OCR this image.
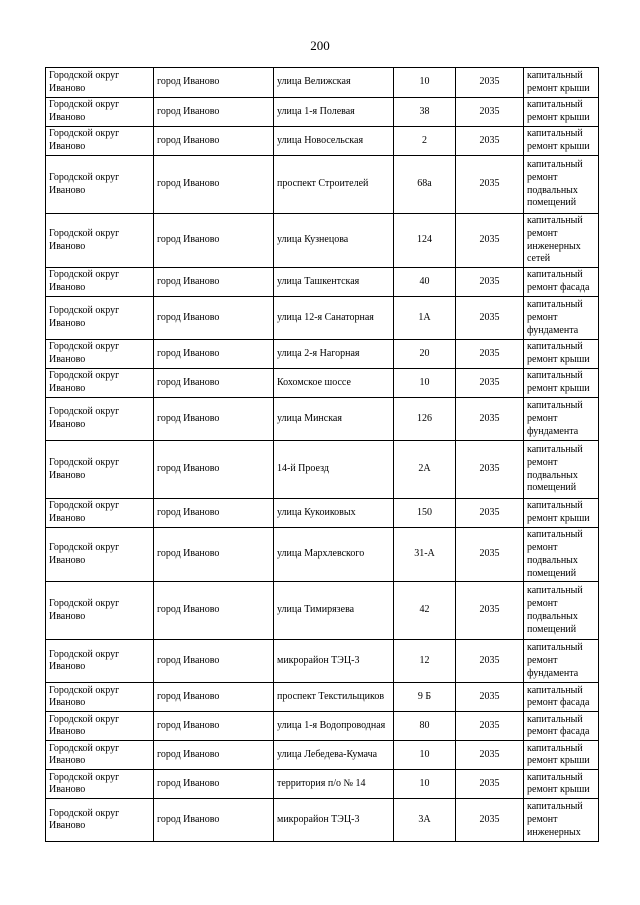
200
Городской округ Иваново	город Иваново	улица Велижская	10	2035	капитальный ремонт крыши
Городской округ Иваново	город Иваново	улица 1-я Полевая	38	2035	капитальный ремонт крыши
Городской округ Иваново	город Иваново	улица Новосельская	2	2035	капитальный ремонт крыши
Городской округ Иваново	город Иваново	проспект Строителей	68а	2035	капитальный ремонт подвальных помещений
Городской округ Иваново	город Иваново	улица Кузнецова	124	2035	капитальный ремонт инженерных сетей
Городской округ Иваново	город Иваново	улица Ташкентская	40	2035	капитальный ремонт фасада
Городской округ Иваново	город Иваново	улица 12-я Санаторная	1А	2035	капитальный ремонт фундамента
Городской округ Иваново	город Иваново	улица 2-я Нагорная	20	2035	капитальный ремонт крыши
Городской округ Иваново	город Иваново	Кохомское шоссе	10	2035	капитальный ремонт крыши
Городской округ Иваново	город Иваново	улица Минская	126	2035	капитальный ремонт фундамента
Городской округ Иваново	город Иваново	14-й Проезд	2А	2035	капитальный ремонт подвальных помещений
Городской округ Иваново	город Иваново	улица Кукоиковых	150	2035	капитальный ремонт крыши
Городской округ Иваново	город Иваново	улица Мархлевского	31-А	2035	капитальный ремонт подвальных помещений
Городской округ Иваново	город Иваново	улица Тимирязева	42	2035	капитальный ремонт подвальных помещений
Городской округ Иваново	город Иваново	микрорайон ТЭЦ-3	12	2035	капитальный ремонт фундамента
Городской округ Иваново	город Иваново	проспект Текстильщиков	9 Б	2035	капитальный ремонт фасада
Городской округ Иваново	город Иваново	улица 1-я Водопроводная	80	2035	капитальный ремонт фасада
Городской округ Иваново	город Иваново	улица Лебедева-Кумача	10	2035	капитальный ремонт крыши
Городской округ Иваново	город Иваново	территория п/о № 14	10	2035	капитальный ремонт крыши
Городской округ Иваново	город Иваново	микрорайон ТЭЦ-3	3А	2035	капитальный ремонт инженерных
